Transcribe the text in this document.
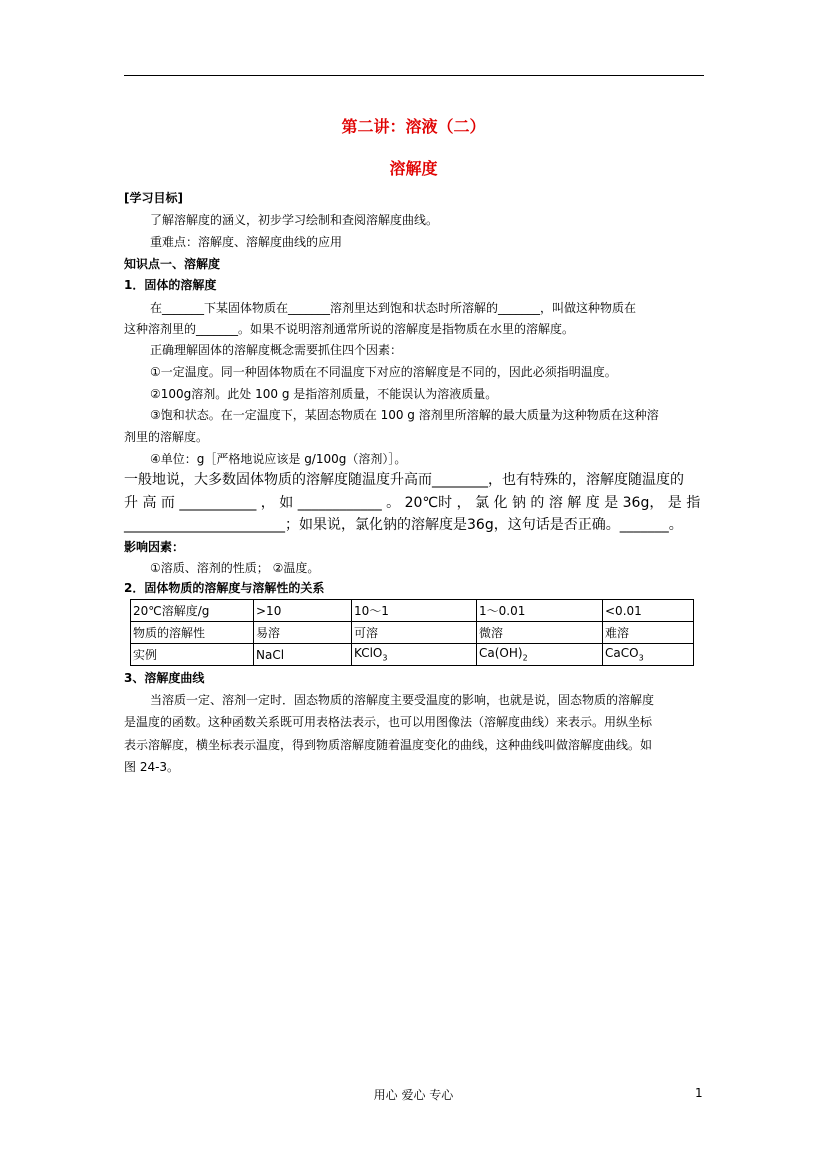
第二讲：溶液（二）
溶解度
[学习目标]
了解溶解度的涵义，初步学习绘制和查阅溶解度曲线。
重难点：溶解度、溶解度曲线的应用
知识点一、溶解度
1．固体的溶解度
在_______下某固体物质在_______溶剂里达到饱和状态时所溶解的_______，叫做这种物质在
这种溶剂里的_______。如果不说明溶剂通常所说的溶解度是指物质在水里的溶解度。
正确理解固体的溶解度概念需要抓住四个因素：
①一定温度。同一种固体物质在不同温度下对应的溶解度是不同的，因此必须指明温度。
②100g溶剂。此处 100 g 是指溶剂质量，不能误认为溶液质量。
③饱和状态。在一定温度下，某固态物质在 100 g 溶剂里所溶解的最大质量为这种物质在这种溶
剂里的溶解度。
④单位：g［严格地说应该是 g/100g（溶剂）］。
一般地说，大多数固体物质的溶解度随温度升高而________，也有特殊的，溶解度随温度的
升 高 而 ___________ ， 如 ____________ 。 20℃时 ， 氯 化 钠 的 溶 解 度 是 36g， 是 指
_______________________；如果说，氯化钠的溶解度是36g，这句话是否正确。_______。
影响因素：
①溶质、溶剂的性质； ②温度。
2．固体物质的溶解度与溶解性的关系
20℃溶解度/g	>10	10～1	1～0.01	<0.01
物质的溶解性	易溶	可溶	微溶	难溶
实例	NaCl	KClO$_3$	$Ca(OH)_2$	CaCO$_3$
3、溶解度曲线
当溶质一定、溶剂一定时．固态物质的溶解度主要受温度的影响，也就是说，固态物质的溶解度
是温度的函数。这种函数关系既可用表格法表示，也可以用图像法（溶解度曲线）来表示。用纵坐标
表示溶解度，横坐标表示温度，得到物质溶解度随着温度变化的曲线，这种曲线叫做溶解度曲线。如
图 24-3。
用心 爱心 专心	1
